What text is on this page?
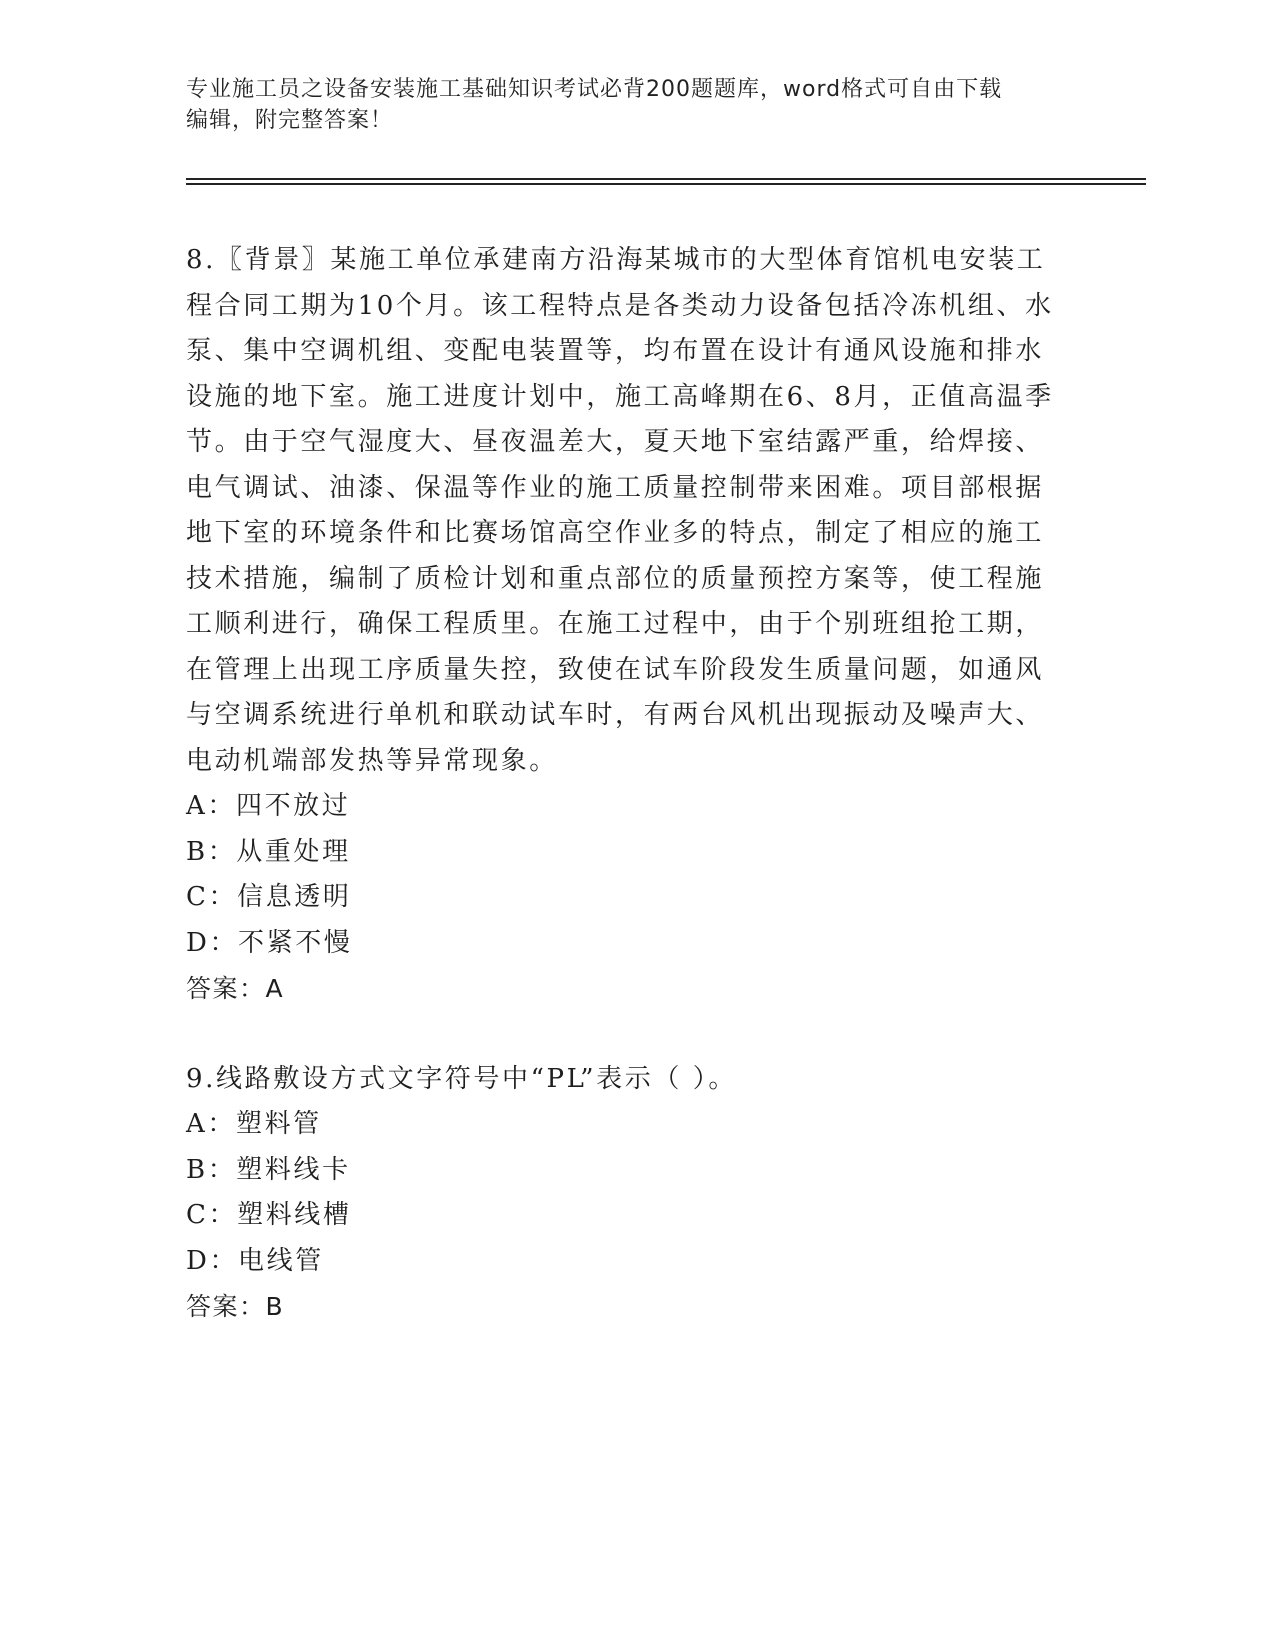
专业施工员之设备安装施工基础知识考试必背200题题库，word格式可自由下载
编辑，附完整答案！

8.〖背景〗某施工单位承建南方沿海某城市的大型体育馆机电安装工程合同工期为10个月。该工程特点是各类动力设备包括冷冻机组、水泵、集中空调机组、变配电装置等，均布置在设计有通风设施和排水设施的地下室。施工进度计划中，施工高峰期在6、8月，正值高温季节。由于空气湿度大、昼夜温差大，夏天地下室结露严重，给焊接、电气调试、油漆、保温等作业的施工质量控制带来困难。项目部根据地下室的环境条件和比赛场馆高空作业多的特点，制定了相应的施工技术措施，编制了质检计划和重点部位的质量预控方案等，使工程施工顺利进行，确保工程质里。在施工过程中，由于个别班组抢工期，在管理上出现工序质量失控，致使在试车阶段发生质量问题，如通风与空调系统进行单机和联动试车时，有两台风机出现振动及噪声大、电动机端部发热等异常现象。

A：四不放过

B：从重处理

C：信息透明

D：不紧不慢

答案：A

9.线路敷设方式文字符号中“PL”表示（ ）。

A：塑料管

B：塑料线卡

C：塑料线槽

D：电线管

答案：B
